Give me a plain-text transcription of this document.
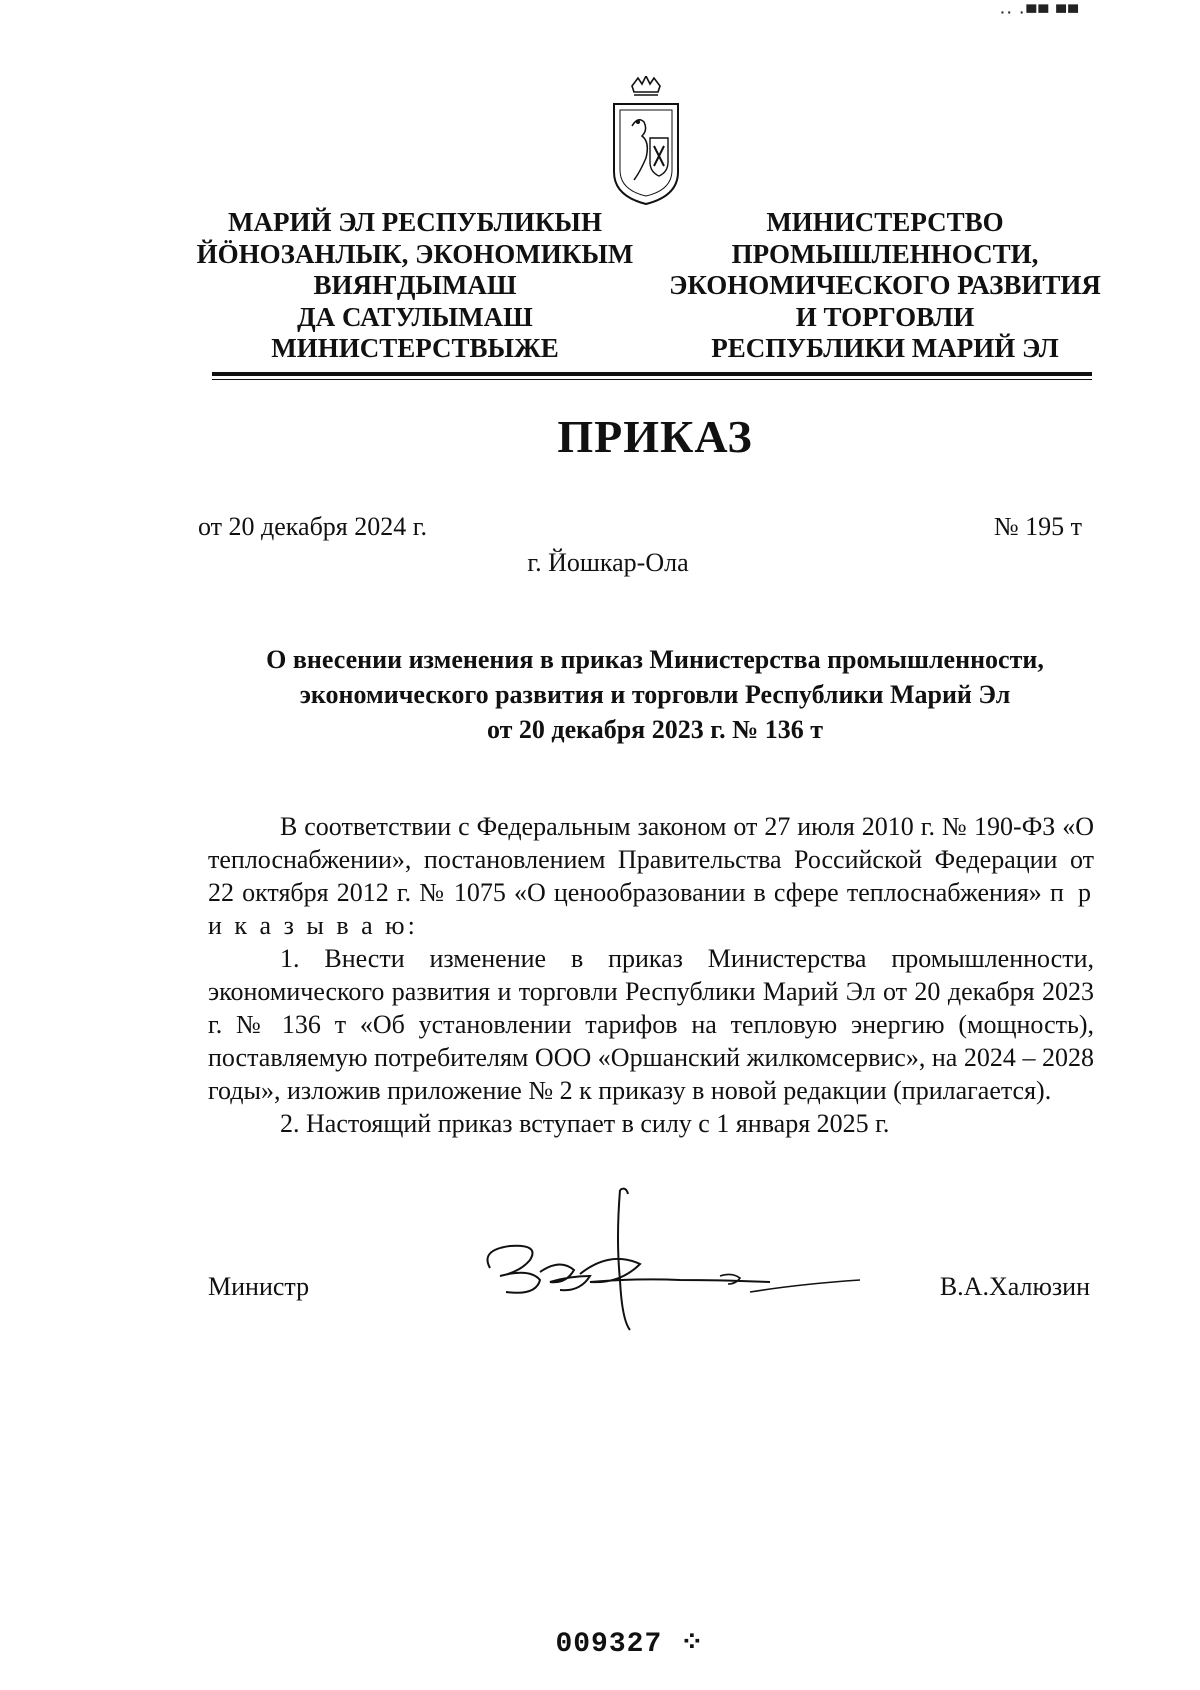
·· ·▀▀ ▀▀
МАРИЙ ЭЛ РЕСПУБЛИКЫН
ЙÖНОЗАНЛЫК, ЭКОНОМИКЫМ
ВИЯҤДЫМАШ
ДА САТУЛЫМАШ
МИНИСТЕРСТВЫЖЕ
МИНИСТЕРСТВО
ПРОМЫШЛЕННОСТИ,
ЭКОНОМИЧЕСКОГО РАЗВИТИЯ
И ТОРГОВЛИ
РЕСПУБЛИКИ МАРИЙ ЭЛ
ПРИКАЗ
от 20 декабря 2024 г.	№ 195 т
г. Йошкар-Ола
О внесении изменения в приказ Министерства промышленности,
экономического развития и торговли Республики Марий Эл
от 20 декабря 2023 г. № 136 т

В соответствии с Федеральным законом от 27 июля 2010 г. № 190-ФЗ «О теплоснабжении», постановлением Правительства Российской Федерации от 22 октября 2012 г. № 1075 «О ценообразовании в сфере теплоснабжения» п р и к а з ы в а ю:

1. Внести изменение в приказ Министерства промышленности, экономического развития и торговли Республики Марий Эл от 20 декабря 2023 г. № 136 т «Об установлении тарифов на тепловую энергию (мощность), поставляемую потребителям ООО «Оршанский жилкомсервис», на 2024 – 2028 годы», изложив приложение № 2 к приказу в новой редакции (прилагается).

2. Настоящий приказ вступает в силу с 1 января 2025 г.

Министр	В.А.Халюзин
009327 ⁘
